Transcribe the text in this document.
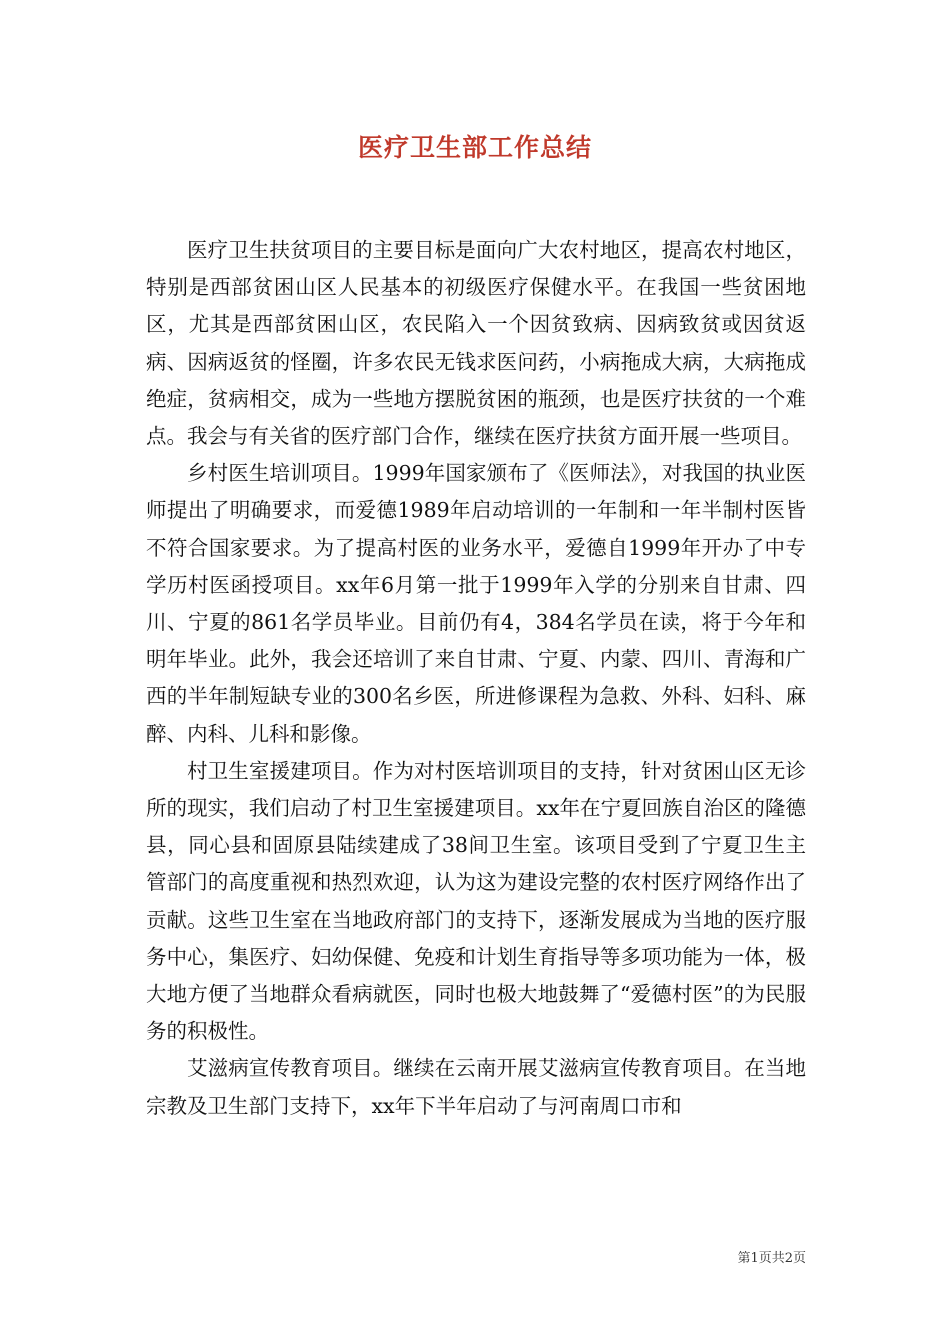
医疗卫生部工作总结

医疗卫生扶贫项目的主要目标是面向广大农村地区，提高农村地区，特别是西部贫困山区人民基本的初级医疗保健水平。在我国一些贫困地区，尤其是西部贫困山区，农民陷入一个因贫致病、因病致贫或因贫返病、因病返贫的怪圈，许多农民无钱求医问药，小病拖成大病，大病拖成绝症，贫病相交，成为一些地方摆脱贫困的瓶颈，也是医疗扶贫的一个难点。我会与有关省的医疗部门合作，继续在医疗扶贫方面开展一些项目。

乡村医生培训项目。1999年国家颁布了《医师法》，对我国的执业医师提出了明确要求，而爱德1989年启动培训的一年制和一年半制村医皆不符合国家要求。为了提高村医的业务水平，爱德自1999年开办了中专学历村医函授项目。xx年6月第一批于1999年入学的分别来自甘肃、四川、宁夏的861名学员毕业。目前仍有4，384名学员在读，将于今年和明年毕业。此外，我会还培训了来自甘肃、宁夏、内蒙、四川、青海和广西的半年制短缺专业的300名乡医，所进修课程为急救、外科、妇科、麻醉、内科、儿科和影像。

村卫生室援建项目。作为对村医培训项目的支持，针对贫困山区无诊所的现实，我们启动了村卫生室援建项目。xx年在宁夏回族自治区的隆德县，同心县和固原县陆续建成了38间卫生室。该项目受到了宁夏卫生主管部门的高度重视和热烈欢迎，认为这为建设完整的农村医疗网络作出了贡献。这些卫生室在当地政府部门的支持下，逐渐发展成为当地的医疗服务中心，集医疗、妇幼保健、免疫和计划生育指导等多项功能为一体，极大地方便了当地群众看病就医，同时也极大地鼓舞了“爱德村医”的为民服务的积极性。

艾滋病宣传教育项目。继续在云南开展艾滋病宣传教育项目。在当地宗教及卫生部门支持下，xx年下半年启动了与河南周口市和

第1页共2页
